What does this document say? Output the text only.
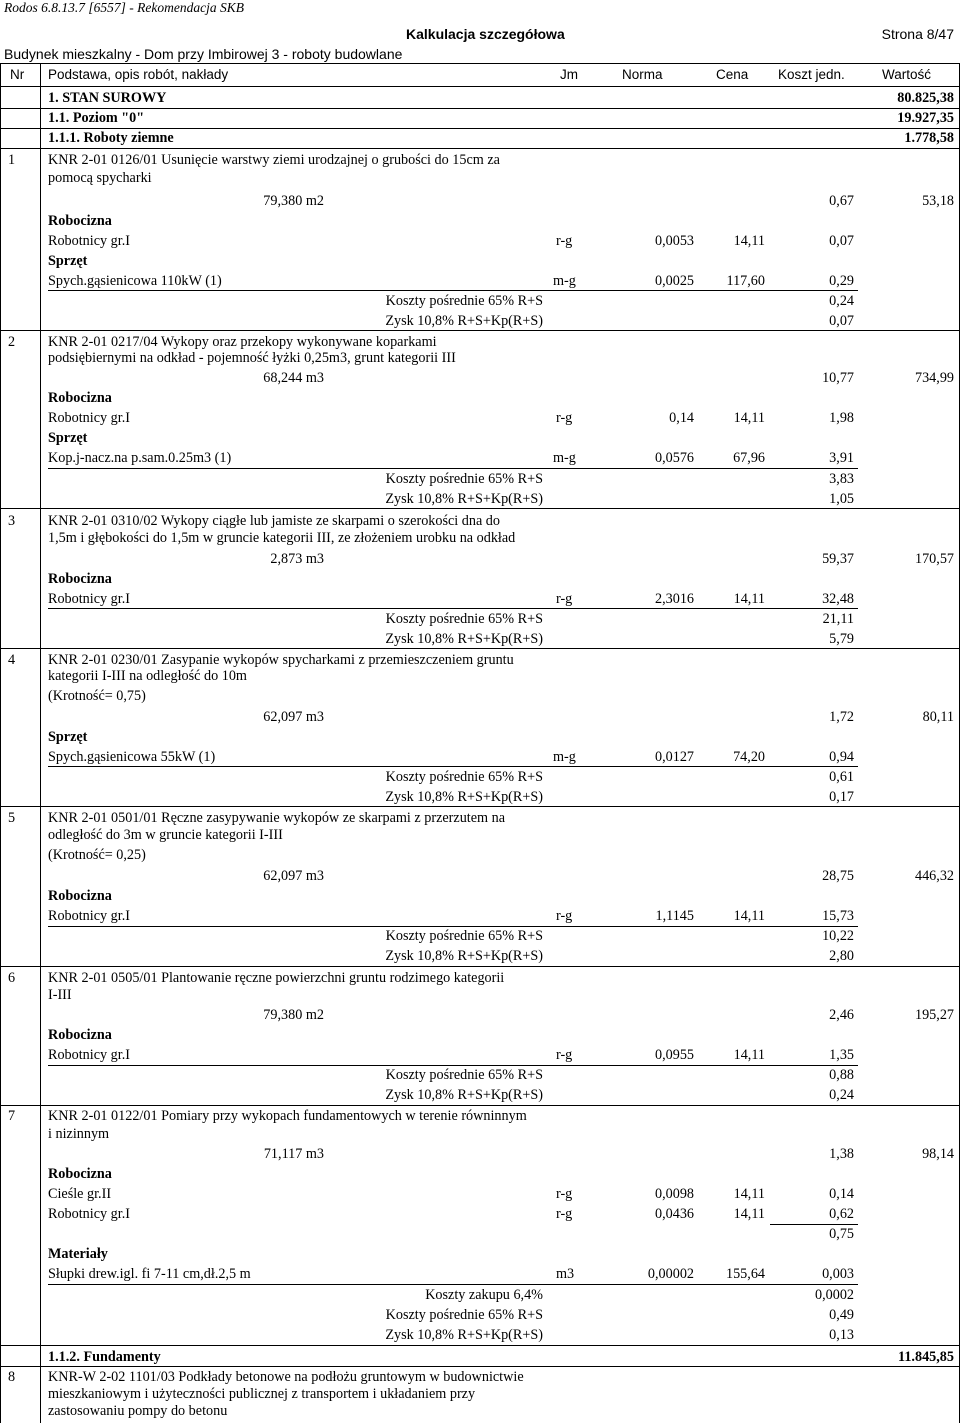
Rodos 6.8.13.7 [6557] - Rekomendacja SKB
Kalkulacja szczegółowa	Strona 8/47
Budynek mieszkalny - Dom przy Imbirowej 3 - roboty budowlane
Nr Podstawa, opis robót, nakłady	Jm	Norma	Cena Koszt jedn.	Wartość
1. STAN SUROWY	80.825,38
1.1. Poziom "0"	19.927,35
1.1.1. Roboty ziemne	1.778,58
1 KNR 2-01 0126/01 Usunięcie warstwy ziemi urodzajnej o grubości do 15cm za
pomocą spycharki
79,380 m2	0,67	53,18
Robocizna
Robotnicy gr.I	r-g	0,0053	14,11	0,07
Sprzęt
Spych.gąsienicowa 110kW (1)	m-g	0,0025	117,60	0,29
Koszty pośrednie 65% R+S	0,24
Zysk 10,8% R+S+Kp(R+S)	0,07
2 KNR 2-01 0217/04 Wykopy oraz przekopy wykonywane koparkami
podsiębiernymi na odkład - pojemność łyżki 0,25m3, grunt kategorii III
68,244 m3	10,77	734,99
Robocizna
Robotnicy gr.I	r-g	0,14	14,11	1,98
Sprzęt
Kop.j-nacz.na p.sam.0.25m3 (1)	m-g	0,0576	67,96	3,91
Koszty pośrednie 65% R+S	3,83
Zysk 10,8% R+S+Kp(R+S)	1,05
3 KNR 2-01 0310/02 Wykopy ciągłe lub jamiste ze skarpami o szerokości dna do
1,5m i głębokości do 1,5m w gruncie kategorii III, ze złożeniem urobku na odkład
2,873 m3	59,37	170,57
Robocizna
Robotnicy gr.I	r-g	2,3016	14,11	32,48
Koszty pośrednie 65% R+S	21,11
Zysk 10,8% R+S+Kp(R+S)	5,79
4 KNR 2-01 0230/01 Zasypanie wykopów spycharkami z przemieszczeniem gruntu
kategorii I-III na odległość do 10m
(Krotność= 0,75)
62,097 m3	1,72	80,11
Sprzęt
Spych.gąsienicowa 55kW (1)	m-g	0,0127	74,20	0,94
Koszty pośrednie 65% R+S	0,61
Zysk 10,8% R+S+Kp(R+S)	0,17
5 KNR 2-01 0501/01 Ręczne zasypywanie wykopów ze skarpami z przerzutem na
odległość do 3m w gruncie kategorii I-III
(Krotność= 0,25)
62,097 m3	28,75	446,32
Robocizna
Robotnicy gr.I	r-g	1,1145	14,11	15,73
Koszty pośrednie 65% R+S	10,22
Zysk 10,8% R+S+Kp(R+S)	2,80
6 KNR 2-01 0505/01 Plantowanie ręczne powierzchni gruntu rodzimego kategorii
I-III
79,380 m2	2,46	195,27
Robocizna
Robotnicy gr.I	r-g	0,0955	14,11	1,35
Koszty pośrednie 65% R+S	0,88
Zysk 10,8% R+S+Kp(R+S)	0,24
7 KNR 2-01 0122/01 Pomiary przy wykopach fundamentowych w terenie równinnym
i nizinnym
71,117 m3	1,38	98,14
Robocizna
Cieśle gr.II	r-g	0,0098	14,11	0,14
Robotnicy gr.I	r-g	0,0436	14,11	0,62
0,75
Materiały
Słupki drew.igl. fi 7-11 cm,dł.2,5 m	m3	0,00002	155,64	0,003
Koszty zakupu 6,4%	0,0002
Koszty pośrednie 65% R+S	0,49
Zysk 10,8% R+S+Kp(R+S)	0,13
1.1.2. Fundamenty	11.845,85
8 KNR-W 2-02 1101/03 Podkłady betonowe na podłożu gruntowym w budownictwie
mieszkaniowym i użyteczności publicznej z transportem i układaniem przy
zastosowaniu pompy do betonu
